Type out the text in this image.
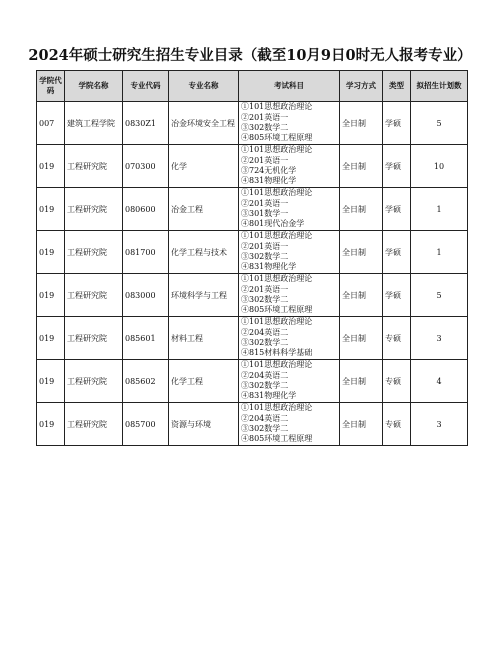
2024年硕士研究生招生专业目录（截至10月9日0时无人报考专业）
学院代码	学院名称	专业代码	专业名称	考试科目	学习方式	类型	拟招生计划数
007	建筑工程学院	0830Z1	冶金环境安全工程	①101思想政治理论
②201英语一
③302数学二
④805环境工程原理	全日制	学硕	5
019	工程研究院	070300	化学	①101思想政治理论
②201英语一
③724无机化学
④831物理化学	全日制	学硕	10
019	工程研究院	080600	冶金工程	①101思想政治理论
②201英语一
③301数学一
④801现代冶金学	全日制	学硕	1
019	工程研究院	081700	化学工程与技术	①101思想政治理论
②201英语一
③302数学二
④831物理化学	全日制	学硕	1
019	工程研究院	083000	环境科学与工程	①101思想政治理论
②201英语一
③302数学二
④805环境工程原理	全日制	学硕	5
019	工程研究院	085601	材料工程	①101思想政治理论
②204英语二
③302数学二
④815材料科学基础	全日制	专硕	3
019	工程研究院	085602	化学工程	①101思想政治理论
②204英语二
③302数学二
④831物理化学	全日制	专硕	4
019	工程研究院	085700	资源与环境	①101思想政治理论
②204英语二
③302数学二
④805环境工程原理	全日制	专硕	3
